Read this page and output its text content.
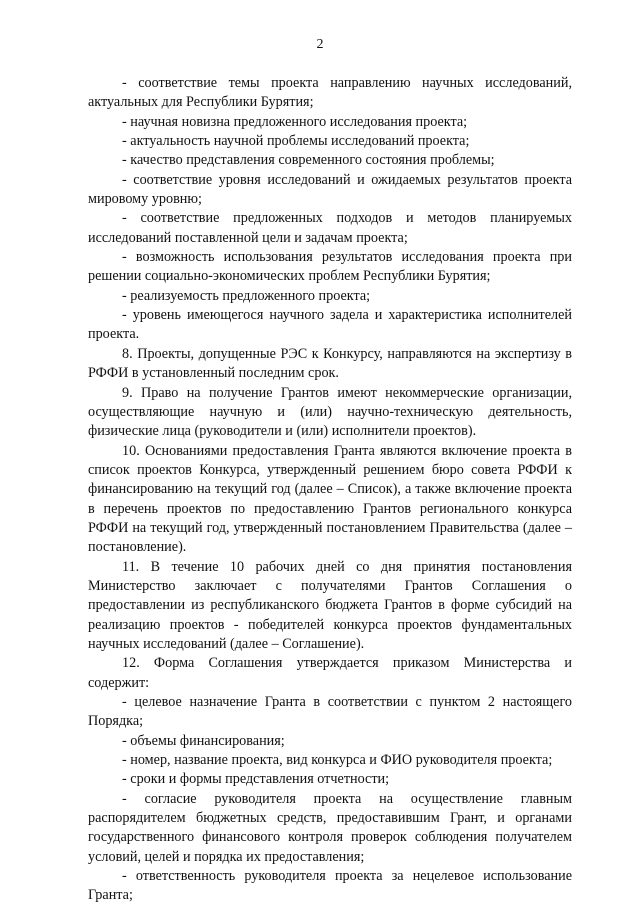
2

- соответствие темы проекта направлению научных исследований, актуальных для Республики Бурятия;

- научная новизна предложенного исследования проекта;

- актуальность научной проблемы исследований проекта;

- качество представления современного состояния проблемы;

- соответствие уровня исследований и ожидаемых результатов проекта мировому уровню;

- соответствие предложенных подходов и методов планируемых исследований поставленной цели и задачам проекта;

- возможность использования результатов исследования проекта при решении социально-экономических проблем Республики Бурятия;

- реализуемость предложенного проекта;

- уровень имеющегося научного задела и характеристика исполнителей проекта.

8. Проекты, допущенные РЭС к Конкурсу, направляются на экспертизу в РФФИ в установленный последним срок.

9. Право на получение Грантов имеют некоммерческие организации, осуществляющие научную и (или) научно-техническую деятельность, физические лица (руководители и (или) исполнители проектов).

10. Основаниями предоставления Гранта являются включение проекта в список проектов Конкурса, утвержденный решением бюро совета РФФИ к финансированию на текущий год (далее – Список), а также включение проекта в перечень проектов по предоставлению Грантов регионального конкурса РФФИ на текущий год, утвержденный постановлением Правительства (далее – постановление).

11. В течение 10 рабочих дней со дня принятия постановления Министерство заключает с получателями Грантов Соглашения о предоставлении из республиканского бюджета Грантов в форме субсидий на реализацию проектов - победителей конкурса проектов фундаментальных научных исследований (далее – Соглашение).

12. Форма Соглашения утверждается приказом Министерства и содержит:

- целевое назначение Гранта в соответствии с пунктом 2 настоящего Порядка;

- объемы финансирования;

- номер, название проекта, вид конкурса и ФИО руководителя проекта;

- сроки и формы представления отчетности;

- согласие руководителя проекта на осуществление главным распорядителем бюджетных средств, предоставившим Грант, и органами государственного финансового контроля проверок соблюдения получателем условий, целей и порядка их предоставления;

- ответственность руководителя проекта за нецелевое использование Гранта;
